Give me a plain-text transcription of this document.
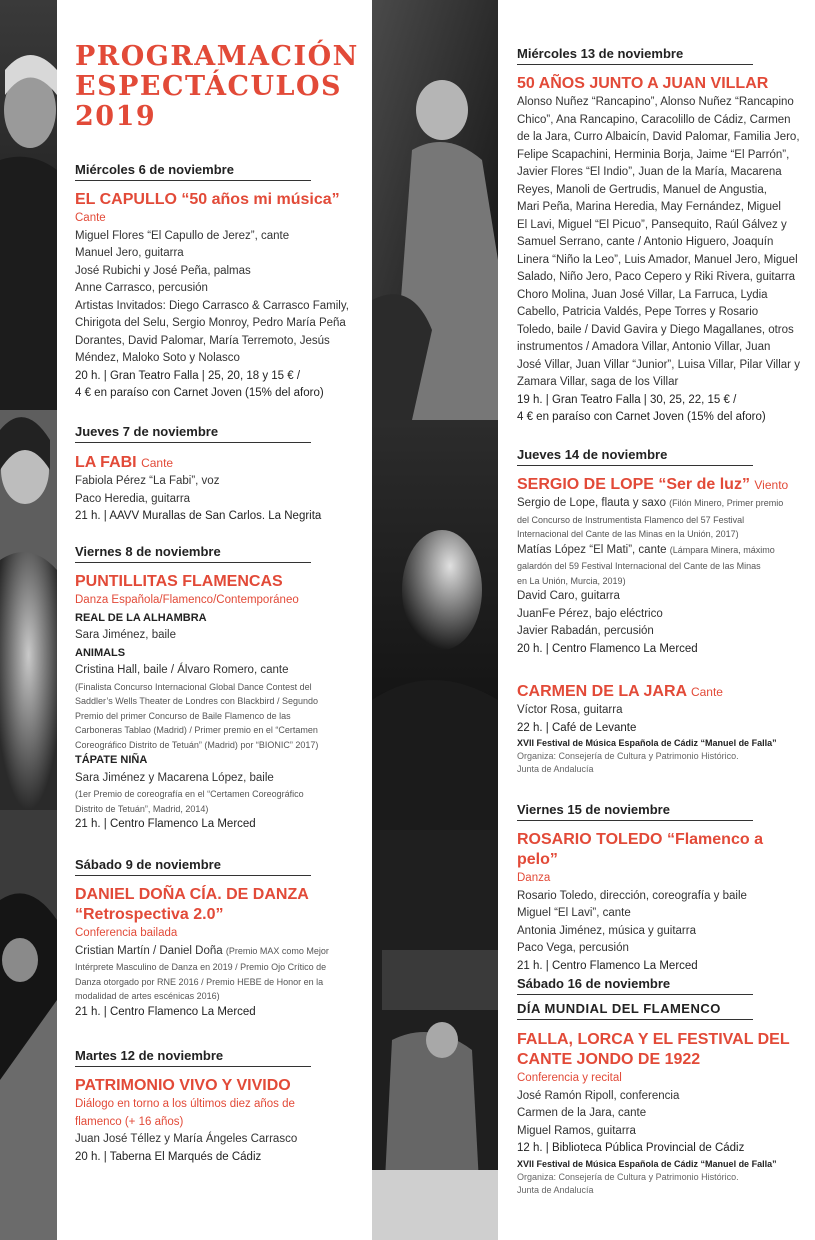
PROGRAMACIÓN
ESPECTÁCULOS
2019
Miércoles 6 de noviembre
EL CAPULLO “50 años mi música”
Cante
Miguel Flores “El Capullo de Jerez”, cante
Manuel Jero, guitarra
José Rubichi y José Peña, palmas
Anne Carrasco, percusión
Artistas Invitados: Diego Carrasco & Carrasco Family,
Chirigota del Selu, Sergio Monroy, Pedro María Peña
Dorantes, David Palomar, María Terremoto, Jesús
Méndez, Maloko Soto y Nolasco
20 h. | Gran Teatro Falla | 25, 20, 18 y 15 € /
4 € en paraíso con Carnet Joven (15% del aforo)
Jueves 7 de noviembre
LA FABI Cante
Fabiola Pérez “La Fabi”, voz
Paco Heredia, guitarra
21 h. | AAVV Murallas de San Carlos. La Negrita
Viernes 8 de noviembre
PUNTILLITAS FLAMENCAS
Danza Española/Flamenco/Contemporáneo
REAL DE LA ALHAMBRA
Sara Jiménez, baile
ANIMALS
Cristina Hall, baile / Álvaro Romero, cante
(Finalista Concurso Internacional Global Dance Contest del
Saddler’s Wells Theater de Londres con Blackbird / Segundo
Premio del primer Concurso de Baile Flamenco de las
Carboneras Tablao (Madrid) / Primer premio en el “Certamen
Coreográfico Distrito de Tetuán” (Madrid) por “BIONIC” 2017)
TÁPATE NIÑA
Sara Jiménez y Macarena López, baile
(1er Premio de coreografía en el “Certamen Coreográfico
Distrito de Tetuán”, Madrid, 2014)
21 h. | Centro Flamenco La Merced
Sábado 9 de noviembre
DANIEL DOÑA CÍA. DE DANZA
“Retrospectiva 2.0”
Conferencia bailada
Cristian Martín / Daniel Doña (Premio MAX como Mejor
Intérprete Masculino de Danza en 2019 / Premio Ojo Crítico de
Danza otorgado por RNE 2016 / Premio HEBE de Honor en la
modalidad de artes escénicas 2016)
21 h. | Centro Flamenco La Merced
Martes 12 de noviembre
PATRIMONIO VIVO Y VIVIDO
Diálogo en torno a los últimos diez años de
flamenco (+ 16 años)
Juan José Téllez y María Ángeles Carrasco
20 h. | Taberna El Marqués de Cádiz
Miércoles 13 de noviembre
50 AÑOS JUNTO A JUAN VILLAR
Alonso Nuñez “Rancapino”, Alonso Nuñez “Rancapino
Chico”, Ana Rancapino, Caracolillo de Cádiz, Carmen
de la Jara, Curro Albaicín, David Palomar, Familia Jero,
Felipe Scapachini, Herminia Borja, Jaime “El Parrón”,
Javier Flores “El Indio”, Juan de la María, Macarena
Reyes, Manoli de Gertrudis, Manuel de Angustia,
Mari Peña, Marina Heredia, May Fernández, Miguel
El Lavi, Miguel “El Picuo”, Pansequito, Raúl Gálvez y
Samuel Serrano, cante / Antonio Higuero, Joaquín
Linera “Niño la Leo”, Luis Amador, Manuel Jero, Miguel
Salado, Niño Jero, Paco Cepero y Riki Rivera, guitarra
Choro Molina, Juan José Villar, La Farruca, Lydia
Cabello, Patricia Valdés, Pepe Torres y Rosario
Toledo, baile / David Gavira y Diego Magallanes, otros
instrumentos / Amadora Villar, Antonio Villar, Juan
José Villar, Juan Villar “Junior”, Luisa Villar, Pilar Villar y
Zamara Villar, saga de los Villar
19 h. | Gran Teatro Falla | 30, 25, 22, 15 € /
4 € en paraíso con Carnet Joven (15% del aforo)
Jueves 14 de noviembre
SERGIO DE LOPE “Ser de luz” Viento
Sergio de Lope, flauta y saxo (Filón Minero, Primer premio
del Concurso de Instrumentista Flamenco del 57 Festival
Internacional del Cante de las Minas en la Unión, 2017)
Matías López “El Mati”, cante (Lámpara Minera, máximo
galardón del 59 Festival Internacional del Cante de las Minas
en La Unión, Murcia, 2019)
David Caro, guitarra
JuanFe Pérez, bajo eléctrico
Javier Rabadán, percusión
20 h. | Centro Flamenco La Merced
CARMEN DE LA JARA Cante
Víctor Rosa, guitarra
22 h. | Café de Levante
XVII Festival de Música Española de Cádiz “Manuel de Falla”
Organiza: Consejería de Cultura y Patrimonio Histórico.
Junta de Andalucía
Viernes 15 de noviembre
ROSARIO TOLEDO “Flamenco a pelo”
Danza
Rosario Toledo, dirección, coreografía y baile
Miguel “El Lavi”, cante
Antonia Jiménez, música y guitarra
Paco Vega, percusión
21 h. | Centro Flamenco La Merced
Sábado 16 de noviembre
DÍA MUNDIAL DEL FLAMENCO
FALLA, LORCA Y EL FESTIVAL DEL
CANTE JONDO DE 1922
Conferencia y recital
José Ramón Ripoll, conferencia
Carmen de la Jara, cante
Miguel Ramos, guitarra
12 h. | Biblioteca Pública Provincial de Cádiz
XVII Festival de Música Española de Cádiz “Manuel de Falla”
Organiza: Consejería de Cultura y Patrimonio Histórico.
Junta de Andalucía
